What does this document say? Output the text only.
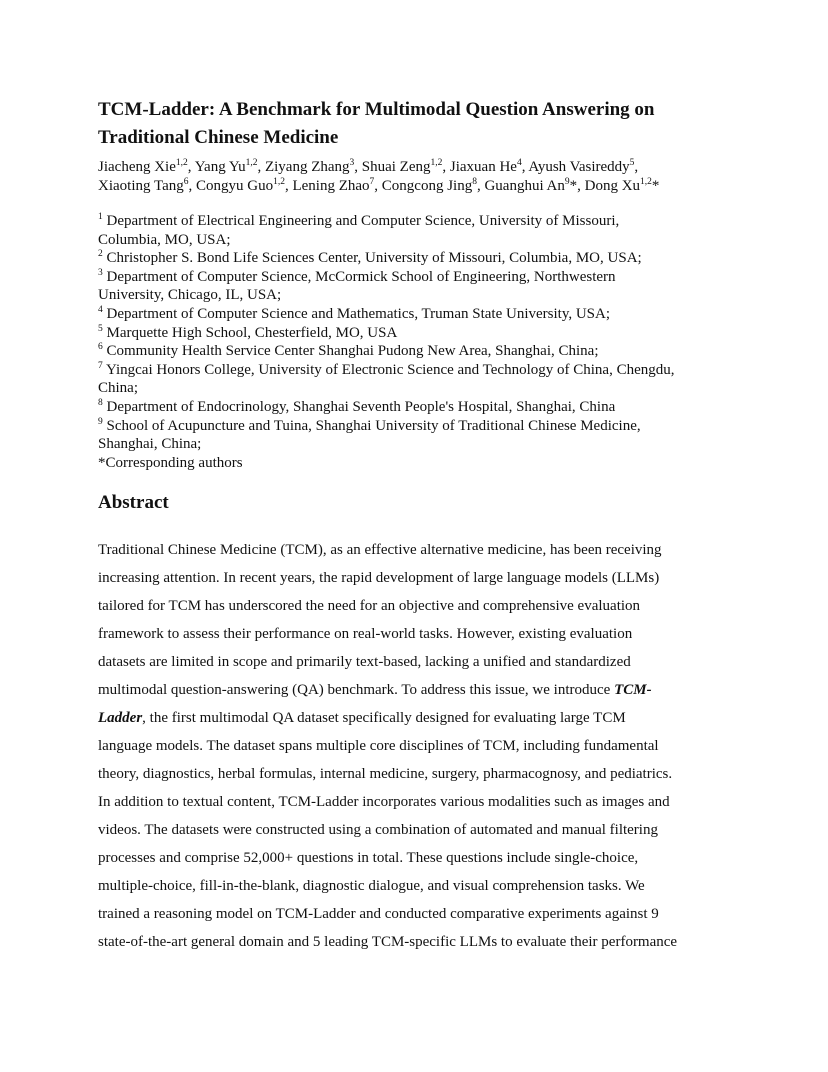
TCM-Ladder: A Benchmark for Multimodal Question Answering on
Traditional Chinese Medicine
Jiacheng Xie$^{1,2}$, Yang Yu$^{1,2}$, Ziyang Zhang$^3$, Shuai Zeng$^{1,2}$, Jiaxuan He$^4$, Ayush Vasireddy$^5$,
Xiaoting Tang$^6$, Congyu Guo$^{1,2}$, Lening Zhao$^7$, Congcong Jing$^8$, Guanghui An$^9$*, Dong Xu$^{1,2}$*
$^1$ Department of Electrical Engineering and Computer Science, University of Missouri,
Columbia, MO, USA;
$^2$ Christopher S. Bond Life Sciences Center, University of Missouri, Columbia, MO, USA;
$^3$ Department of Computer Science, McCormick School of Engineering, Northwestern
University, Chicago, IL, USA;
$^4$ Department of Computer Science and Mathematics, Truman State University, USA;
$^5$ Marquette High School, Chesterfield, MO, USA
$^6$ Community Health Service Center Shanghai Pudong New Area, Shanghai, China;
$^7$ Yingcai Honors College, University of Electronic Science and Technology of China, Chengdu,
China;
$^8$ Department of Endocrinology, Shanghai Seventh People's Hospital, Shanghai, China
$^9$ School of Acupuncture and Tuina, Shanghai University of Traditional Chinese Medicine,
Shanghai, China;
*Corresponding authors
Abstract
Traditional Chinese Medicine (TCM), as an effective alternative medicine, has been receiving
increasing attention. In recent years, the rapid development of large language models (LLMs)
tailored for TCM has underscored the need for an objective and comprehensive evaluation
framework to assess their performance on real-world tasks. However, existing evaluation
datasets are limited in scope and primarily text-based, lacking a unified and standardized
multimodal question-answering (QA) benchmark. To address this issue, we introduce TCM-
Ladder, the first multimodal QA dataset specifically designed for evaluating large TCM
language models. The dataset spans multiple core disciplines of TCM, including fundamental
theory, diagnostics, herbal formulas, internal medicine, surgery, pharmacognosy, and pediatrics.
In addition to textual content, TCM-Ladder incorporates various modalities such as images and
videos. The datasets were constructed using a combination of automated and manual filtering
processes and comprise 52,000+ questions in total. These questions include single-choice,
multiple-choice, fill-in-the-blank, diagnostic dialogue, and visual comprehension tasks. We
trained a reasoning model on TCM-Ladder and conducted comparative experiments against 9
state-of-the-art general domain and 5 leading TCM-specific LLMs to evaluate their performance
